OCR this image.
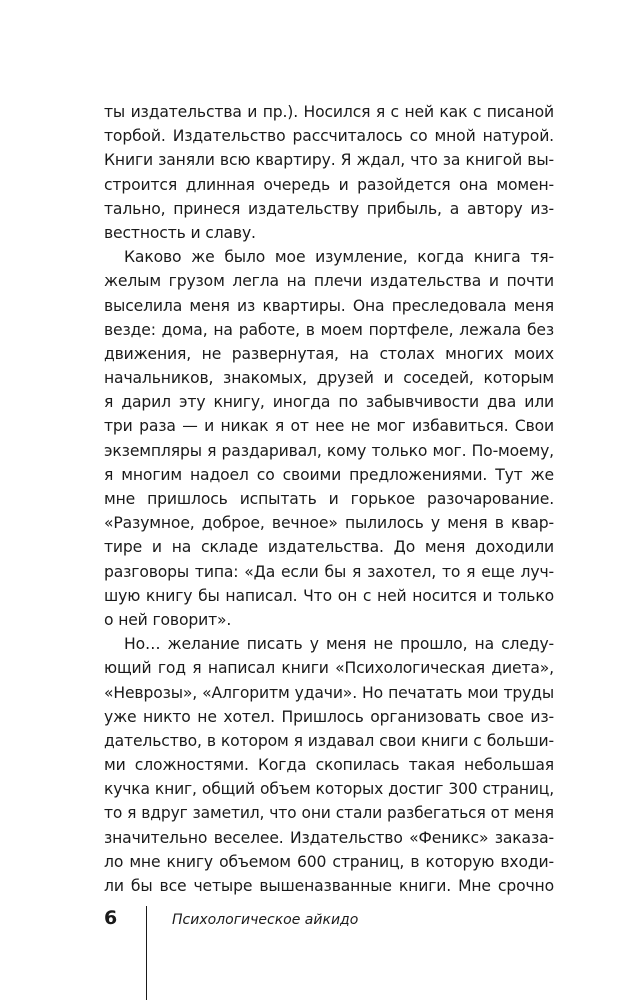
ты издательства и пр.). Носился я с ней как с писаной
торбой. Издательство рассчиталось со мной натурой.
Книги заняли всю квартиру. Я ждал, что за книгой вы-
строится длинная очередь и разойдется она момен-
тально, принеся издательству прибыль, а автору из-
вестность и славу.
Каково же было мое изумление, когда книга тя-
желым грузом легла на плечи издательства и почти
выселила меня из квартиры. Она преследовала меня
везде: дома, на работе, в моем портфеле, лежала без
движения, не развернутая, на столах многих моих
начальников, знакомых, друзей и соседей, которым
я дарил эту книгу, иногда по забывчивости два или
три раза — и никак я от нее не мог избавиться. Свои
экземпляры я раздаривал, кому только мог. По-моему,
я многим надоел со своими предложениями. Тут же
мне пришлось испытать и горькое разочарование.
«Разумное, доброе, вечное» пылилось у меня в квар-
тире и на складе издательства. До меня доходили
разговоры типа: «Да если бы я захотел, то я еще луч-
шую книгу бы написал. Что он с ней носится и только
о ней говорит».
Но… желание писать у меня не прошло, на следу-
ющий год я написал книги «Психологическая диета»,
«Неврозы», «Алгоритм удачи». Но печатать мои труды
уже никто не хотел. Пришлось организовать свое из-
дательство, в котором я издавал свои книги с больши-
ми сложностями. Когда скопилась такая небольшая
кучка книг, общий объем которых достиг 300 страниц,
то я вдруг заметил, что они стали разбегаться от меня
значительно веселее. Издательство «Феникс» заказа-
ло мне книгу объемом 600 страниц, в которую входи-
ли бы все четыре вышеназванные книги. Мне срочно
6	Психологическое айкидо
